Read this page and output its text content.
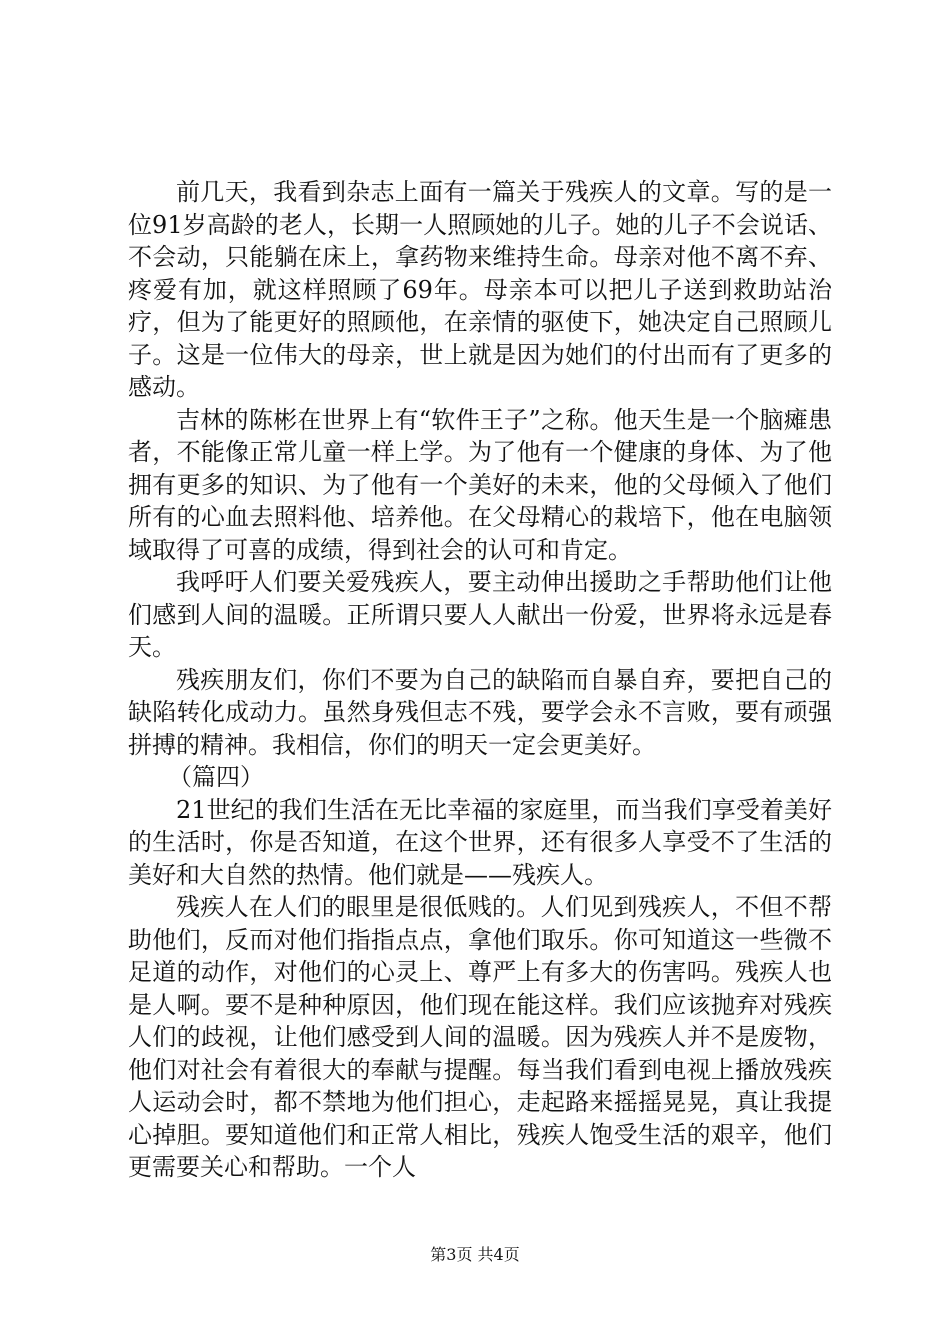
前几天，我看到杂志上面有一篇关于残疾人的文章。写的是一位91岁高龄的老人，长期一人照顾她的儿子。她的儿子不会说话、不会动，只能躺在床上，拿药物来维持生命。母亲对他不离不弃、疼爱有加，就这样照顾了69年。母亲本可以把儿子送到救助站治疗，但为了能更好的照顾他，在亲情的驱使下，她决定自己照顾儿子。这是一位伟大的母亲，世上就是因为她们的付出而有了更多的感动。

吉林的陈彬在世界上有“软件王子”之称。他天生是一个脑瘫患者，不能像正常儿童一样上学。为了他有一个健康的身体、为了他拥有更多的知识、为了他有一个美好的未来，他的父母倾入了他们所有的心血去照料他、培养他。在父母精心的栽培下，他在电脑领域取得了可喜的成绩，得到社会的认可和肯定。

我呼吁人们要关爱残疾人，要主动伸出援助之手帮助他们让他们感到人间的温暖。正所谓只要人人献出一份爱，世界将永远是春天。

残疾朋友们，你们不要为自己的缺陷而自暴自弃，要把自己的缺陷转化成动力。虽然身残但志不残，要学会永不言败，要有顽强拼搏的精神。我相信，你们的明天一定会更美好。

（篇四）

21世纪的我们生活在无比幸福的家庭里，而当我们享受着美好的生活时，你是否知道，在这个世界，还有很多人享受不了生活的美好和大自然的热情。他们就是——残疾人。

残疾人在人们的眼里是很低贱的。人们见到残疾人，不但不帮助他们，反而对他们指指点点，拿他们取乐。你可知道这一些微不足道的动作，对他们的心灵上、尊严上有多大的伤害吗。残疾人也是人啊。要不是种种原因，他们现在能这样。我们应该抛弃对残疾人们的歧视，让他们感受到人间的温暖。因为残疾人并不是废物，他们对社会有着很大的奉献与提醒。每当我们看到电视上播放残疾人运动会时，都不禁地为他们担心，走起路来摇摇晃晃，真让我提心掉胆。要知道他们和正常人相比，残疾人饱受生活的艰辛，他们更需要关心和帮助。一个人

第3页 共4页
